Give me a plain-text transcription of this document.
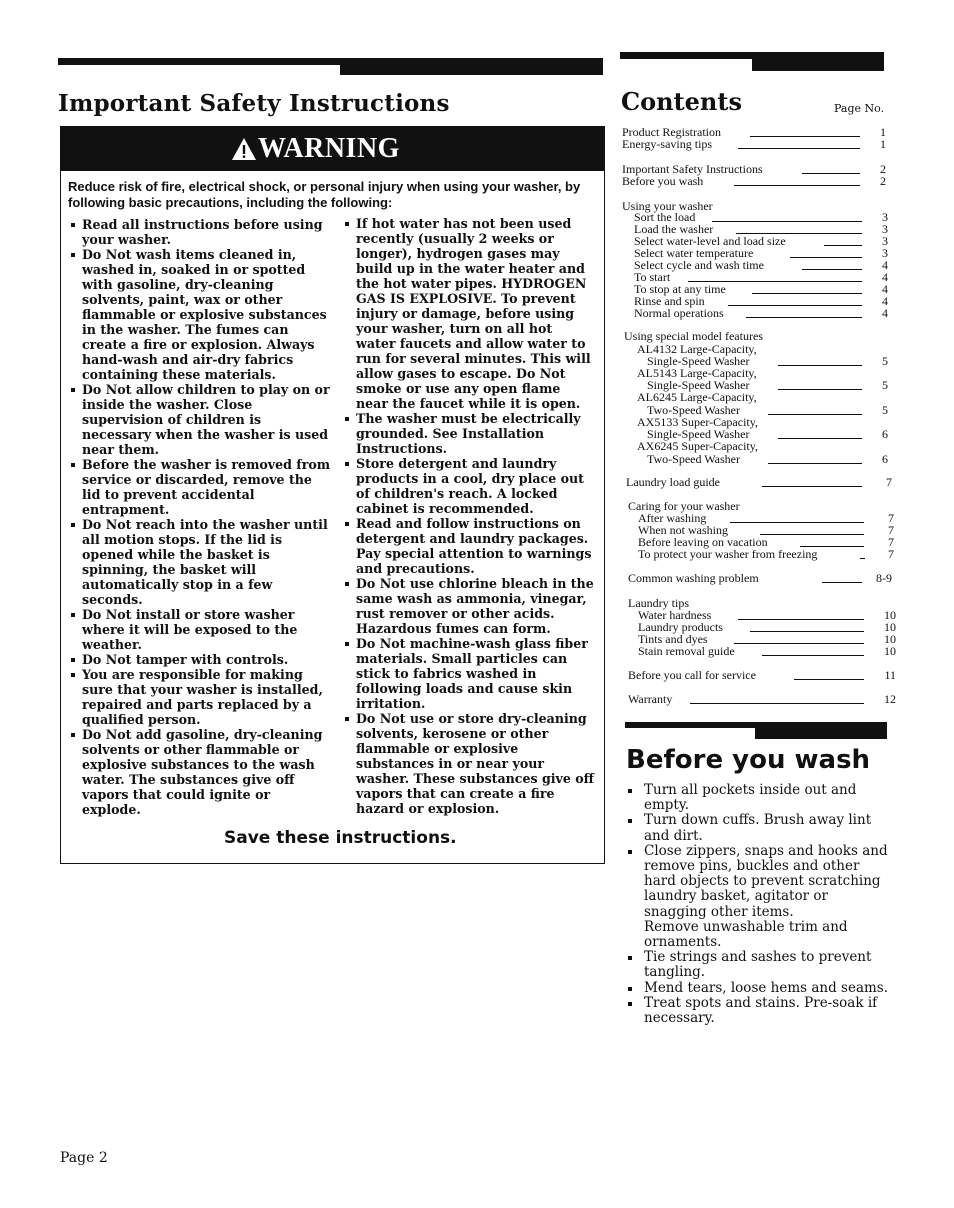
Important Safety Instructions
WARNING
Reduce risk of fire, electrical shock, or personal injury when using your washer, by following basic precautions, including the following:
Read all instructions before using your washer.
Do Not wash items cleaned in, washed in, soaked in or spotted with gasoline, dry-cleaning solvents, paint, wax or other flammable or explosive substances in the washer. The fumes can create a fire or explosion. Always hand-wash and air-dry fabrics containing these materials.
Do Not allow children to play on or inside the washer. Close supervision of children is necessary when the washer is used near them.
Before the washer is removed from service or discarded, remove the lid to prevent accidental entrapment.
Do Not reach into the washer until all motion stops. If the lid is opened while the basket is spinning, the basket will automatically stop in a few seconds.
Do Not install or store washer where it will be exposed to the weather.
Do Not tamper with controls.
You are responsible for making sure that your washer is installed, repaired and parts replaced by a qualified person.
Do Not add gasoline, dry-cleaning solvents or other flammable or explosive substances to the wash water. The substances give off vapors that could ignite or explode.
If hot water has not been used recently (usually 2 weeks or longer), hydrogen gases may build up in the water heater and the hot water pipes. HYDROGEN GAS IS EXPLOSIVE. To prevent injury or damage, before using your washer, turn on all hot water faucets and allow water to run for several minutes. This will allow gases to escape. Do Not smoke or use any open flame near the faucet while it is open.
The washer must be electrically grounded. See Installation Instructions.
Store detergent and laundry products in a cool, dry place out of children's reach. A locked cabinet is recommended.
Read and follow instructions on detergent and laundry packages. Pay special attention to warnings and precautions.
Do Not use chlorine bleach in the same wash as ammonia, vinegar, rust remover or other acids. Hazardous fumes can form.
Do Not machine-wash glass fiber materials. Small particles can stick to fabrics washed in following loads and cause skin irritation.
Do Not use or store dry-cleaning solvents, kerosene or other flammable or explosive substances in or near your washer. These substances give off vapors that can create a fire hazard or explosion.
Save these instructions.
Contents	Page No.
Product Registration	1
Energy-saving tips	1
Important Safety Instructions	2
Before you wash	2
Using your washer
Sort the load	3
Load the washer	3
Select water-level and load size	3
Select water temperature	3
Select cycle and wash time	4
To start	4
To stop at any time	4
Rinse and spin	4
Normal operations	4
Using special model features
AL4132 Large-Capacity,
Single-Speed Washer	5
AL5143 Large-Capacity,
Single-Speed Washer	5
AL6245 Large-Capacity,
Two-Speed Washer	5
AX5133 Super-Capacity,
Single-Speed Washer	6
AX6245 Super-Capacity,
Two-Speed Washer	6
Laundry load guide	7
Caring for your washer
After washing	7
When not washing	7
Before leaving on vacation	7
To protect your washer from freezing	7
Common washing problem	8-9
Laundry tips
Water hardness	10
Laundry products	10
Tints and dyes	10
Stain removal guide	10
Before you call for service	11
Warranty	12
Before you wash
Turn all pockets inside out and empty.
Turn down cuffs. Brush away lint and dirt.
Close zippers, snaps and hooks and remove pins, buckles and other hard objects to prevent scratching laundry basket, agitator or snagging other items.
Remove unwashable trim and ornaments.
Tie strings and sashes to prevent tangling.
Mend tears, loose hems and seams.
Treat spots and stains. Pre-soak if necessary.
Page 2
